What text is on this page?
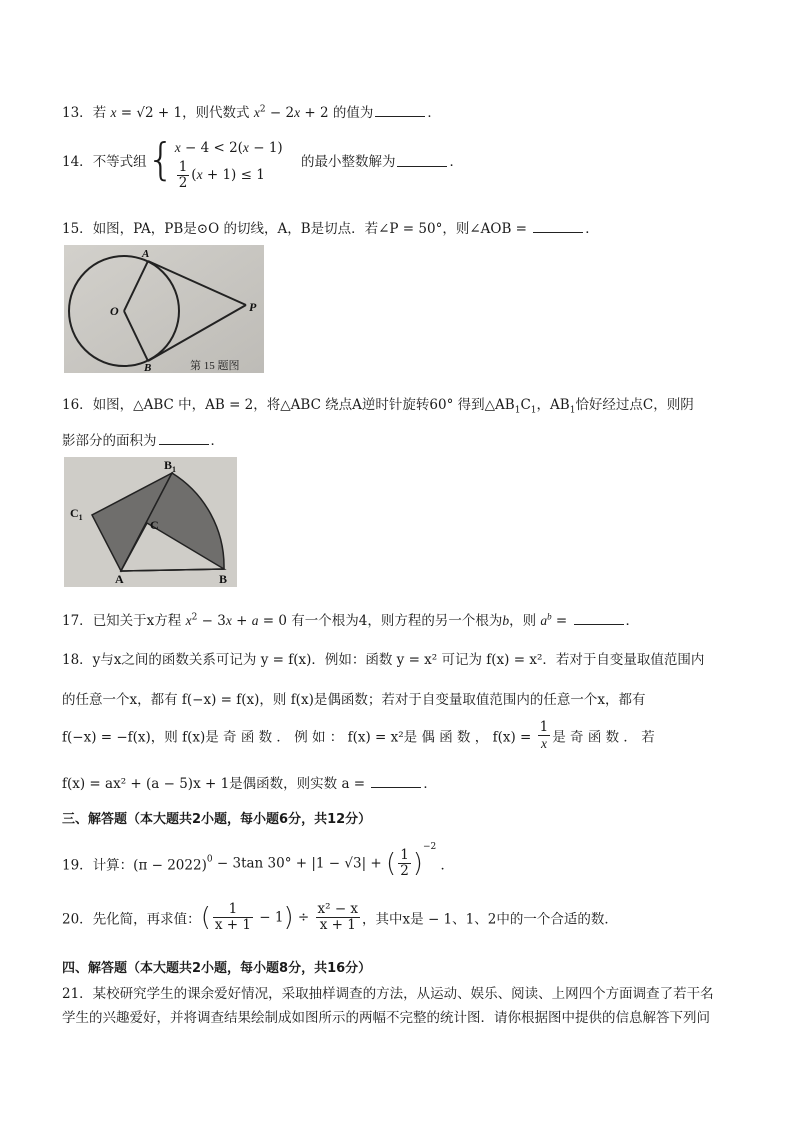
13．若 x = √2 + 1，则代数式 $x^2 - 2x + 2$ 的值为	．
14．不等式组{ x − 4 < 2(x − 1)
$\frac{1}{2} (x + 1) \le 1$
的最小整数解为	．
15．如图，PA，PB是⊙O 的切线，A，B是切点．若∠P = 50°，则∠AOB =	．
A
O	P
B	第 15 题图
16．如图，△ABC 中，AB = 2，将△ABC 绕点A逆时针旋转60° 得到$\triangle AB_1C_1$，$AB_1$恰好经过点C，则阴
影部分的面积为	．
$B_1$
$C_1$
C
A	B
17．已知关于x方程 $x^2 - 3x + a = 0$ 有一个根为4，则方程的另一个根为b，则 $a^b$ =	．
18．y与x之间的函数关系可记为 y = f(x)．例如：函数 y = x² 可记为 f(x) = x²．若对于自变量取值范围内
的任意一个x，都有 f(−x) = f(x)，则 f(x)是偶函数；若对于自变量取值范围内的任意一个x，都有
f(−x) = −f(x)，则 f(x)是 奇 函 数 ． 例 如 ： f(x) = x²是 偶 函 数 ， $f(x) = \frac{1}{x}$ 是 奇 函 数 ． 若
f(x) = ax² + (a − 5)x + 1是偶函数，则实数 a =	．
三、解答题（本大题共2小题，每小题6分，共12分）
19．计算：$(\pi - 2022)^0 - 3\tan$ 30° + |1 − √3| + ( $\frac{1}{2} )^{-2}$ ．
20．先化简，再求值：( $\frac{1}{x + 1} - 1) \div \frac{\text{x² − x}}{x + 1}$ ，其中x是 − 1、1、2中的一个合适的数．
四、解答题（本大题共2小题，每小题8分，共16分）
21．某校研究学生的课余爱好情况，采取抽样调查的方法，从运动、娱乐、阅读、上网四个方面调查了若干名
学生的兴趣爱好，并将调查结果绘制成如图所示的两幅不完整的统计图．请你根据图中提供的信息解答下列问
